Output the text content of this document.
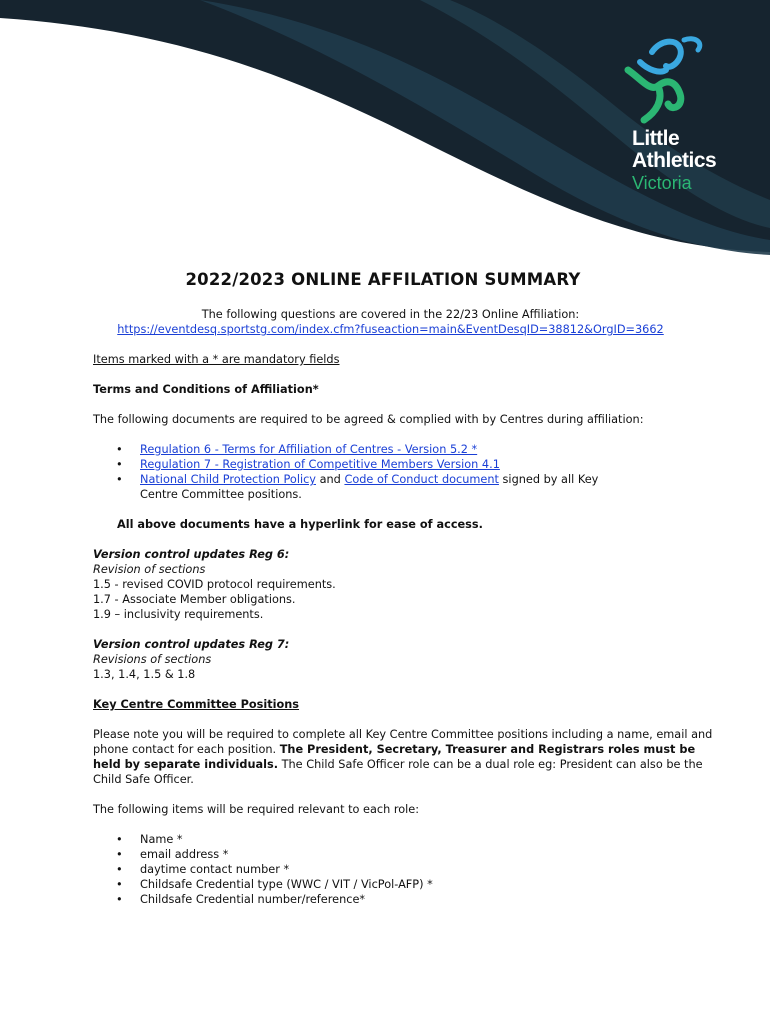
Little
Athletics
Victoria
2022/2023 ONLINE AFFILATION SUMMARY
The following questions are covered in the 22/23 Online Affiliation:
https://eventdesq.sportstg.com/index.cfm?fuseaction=main&EventDesqID=38812&OrgID=3662

Items marked with a * are mandatory fields

Terms and Conditions of Affiliation*

The following documents are required to be agreed & complied with by Centres during affiliation:

• Regulation 6 - Terms for Affiliation of Centres - Version 5.2 *
• Regulation 7 - Registration of Competitive Members Version 4.1
• National Child Protection Policy and Code of Conduct document signed by all Key
Centre Committee positions.

All above documents have a hyperlink for ease of access.

Version control updates Reg 6:

Revision of sections

1.5 - revised COVID protocol requirements.

1.7 - Associate Member obligations.

1.9 – inclusivity requirements.

Version control updates Reg 7:

Revisions of sections

1.3, 1.4, 1.5 & 1.8

Key Centre Committee Positions

Please note you will be required to complete all Key Centre Committee positions including a name, email and phone contact for each position. The President, Secretary, Treasurer and Registrars roles must be held by separate individuals. The Child Safe Officer role can be a dual role eg: President can also be the Child Safe Officer.

The following items will be required relevant to each role:

• Name *
• email address *
• daytime contact number *
• Childsafe Credential type (WWC / VIT / VicPol-AFP) *
• Childsafe Credential number/reference*
